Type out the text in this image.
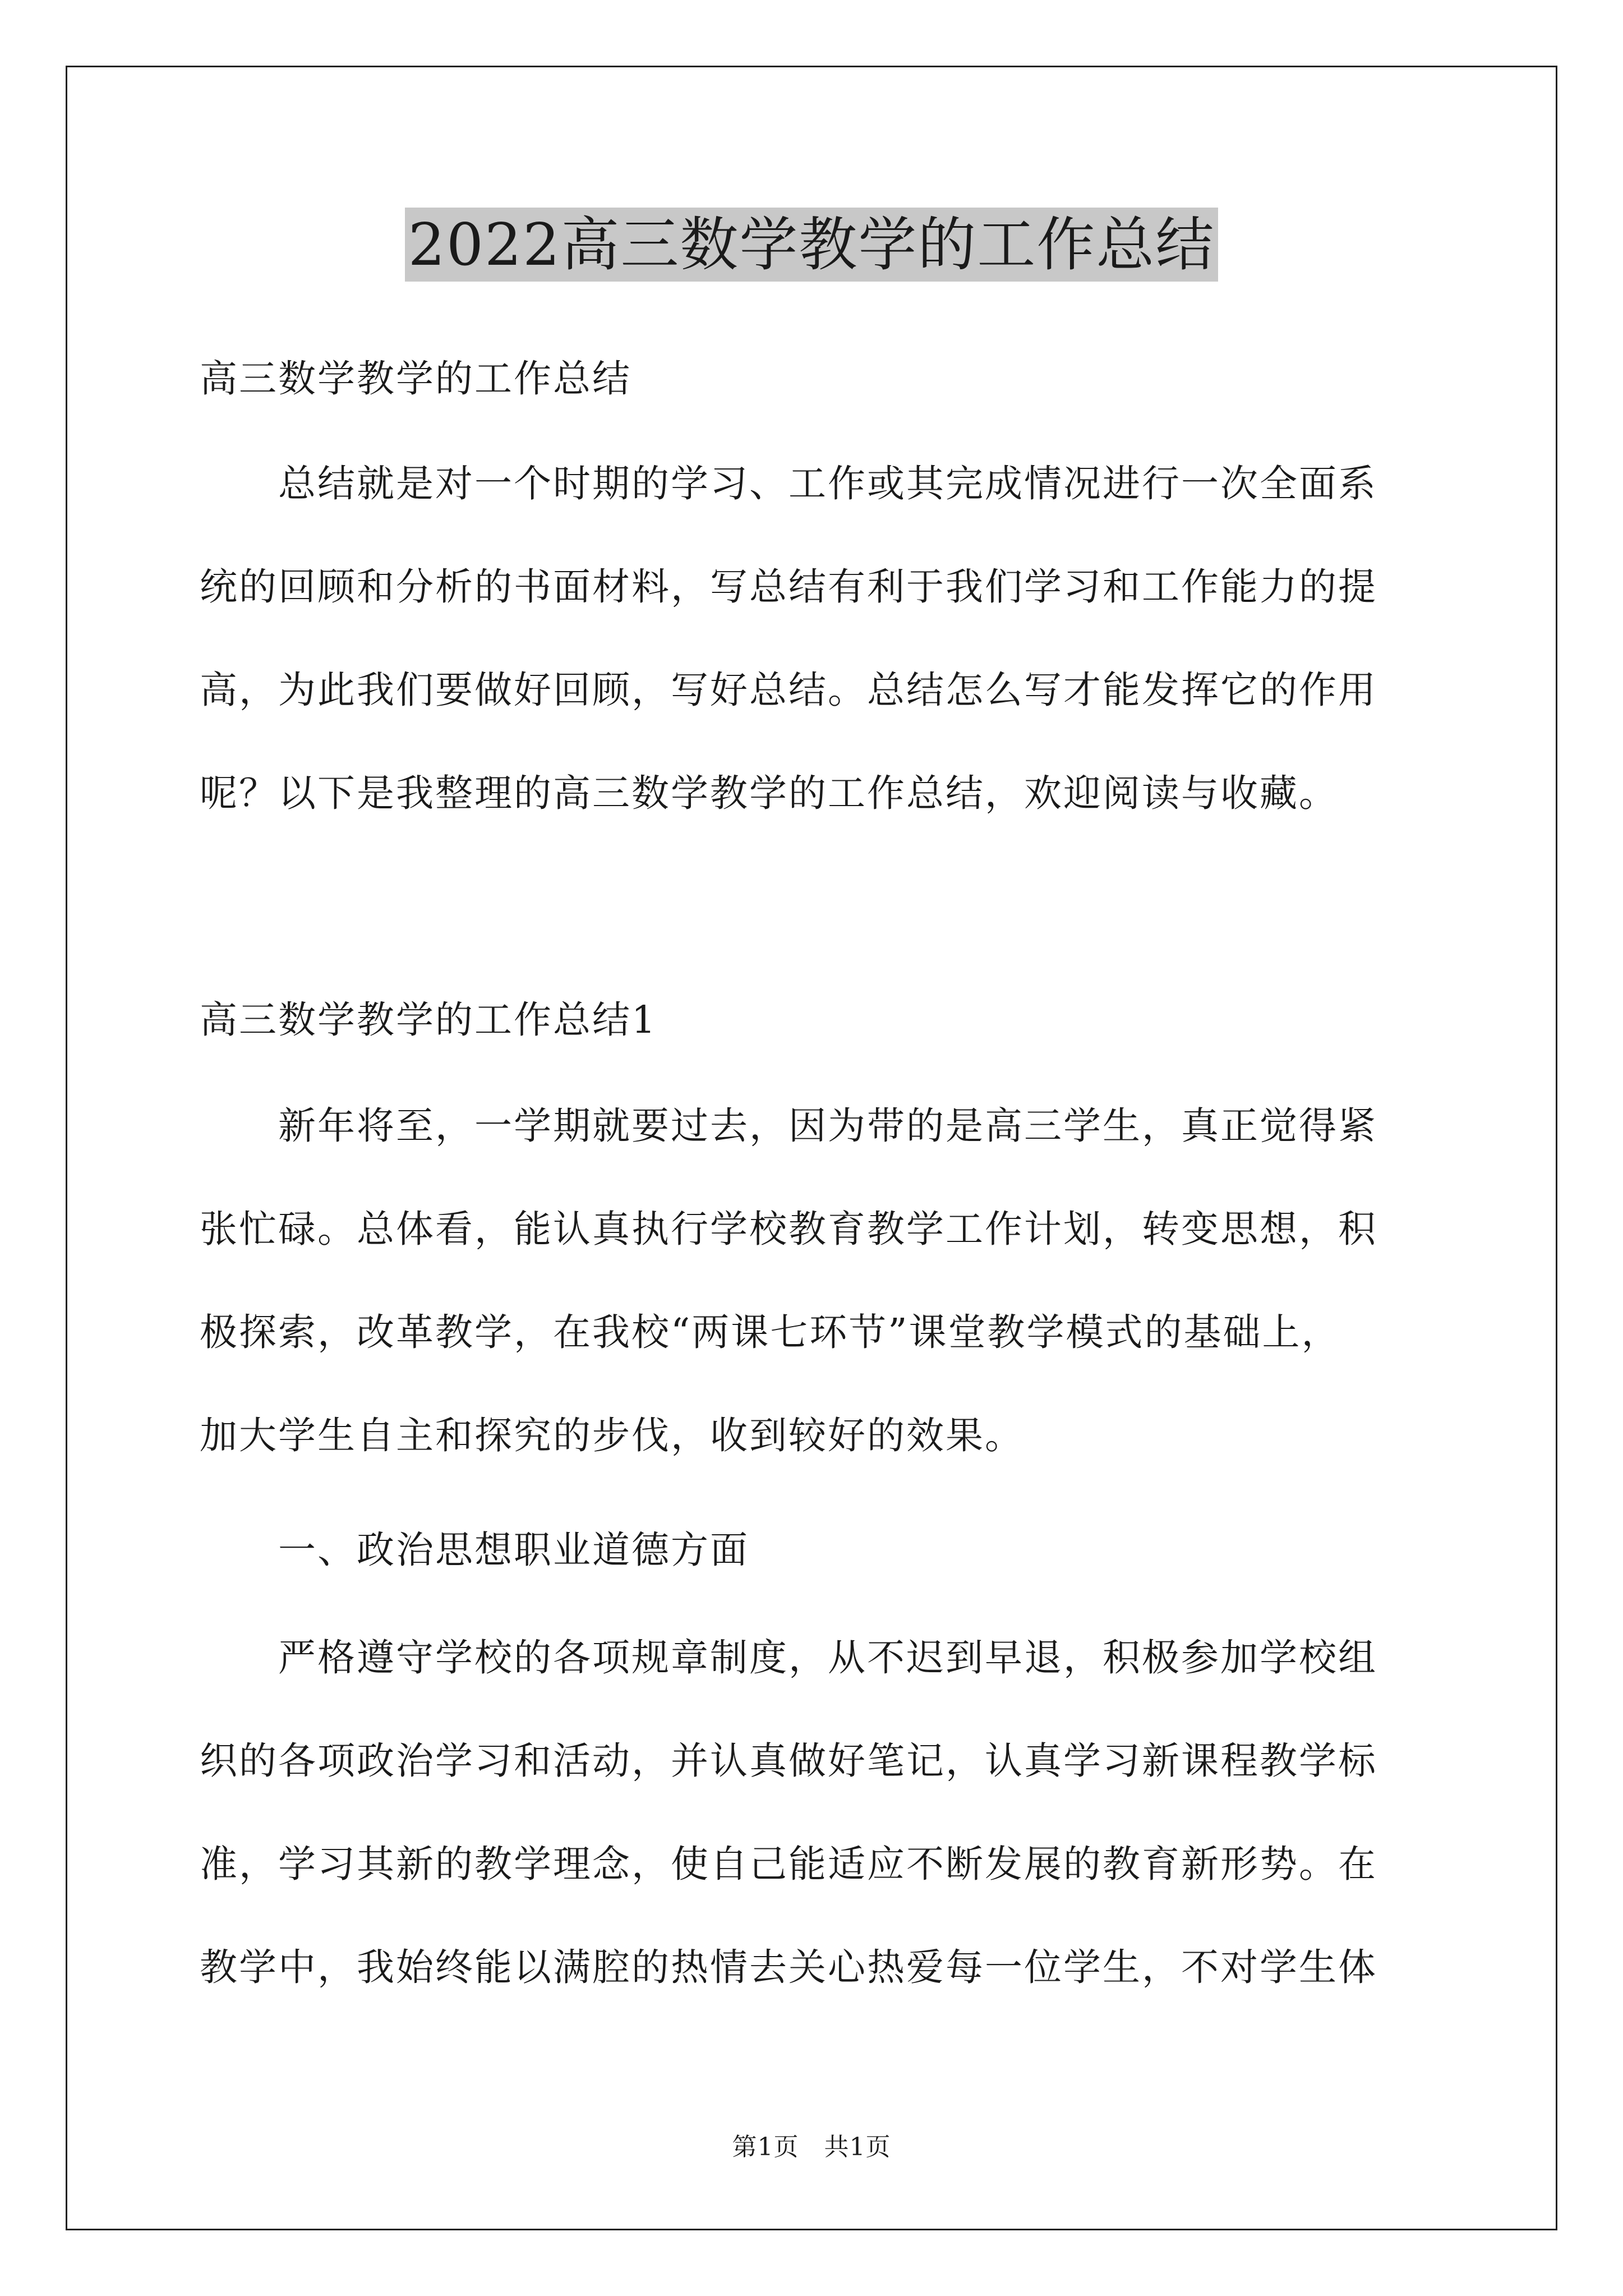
2022高三数学教学的工作总结
高三数学教学的工作总结
　　总结就是对一个时期的学习、工作或其完成情况进行一次全面系
统的回顾和分析的书面材料，写总结有利于我们学习和工作能力的提
高，为此我们要做好回顾，写好总结。总结怎么写才能发挥它的作用
呢？以下是我整理的高三数学教学的工作总结，欢迎阅读与收藏。
高三数学教学的工作总结1
　　新年将至，一学期就要过去，因为带的是高三学生，真正觉得紧
张忙碌。总体看，能认真执行学校教育教学工作计划，转变思想，积
极探索，改革教学，在我校“两课七环节”课堂教学模式的基础上，
加大学生自主和探究的步伐，收到较好的效果。
　　一、政治思想职业道德方面
　　严格遵守学校的各项规章制度，从不迟到早退，积极参加学校组
织的各项政治学习和活动，并认真做好笔记，认真学习新课程教学标
准，学习其新的教学理念，使自己能适应不断发展的教育新形势。在
教学中，我始终能以满腔的热情去关心热爱每一位学生，不对学生体
第1页　共1页
